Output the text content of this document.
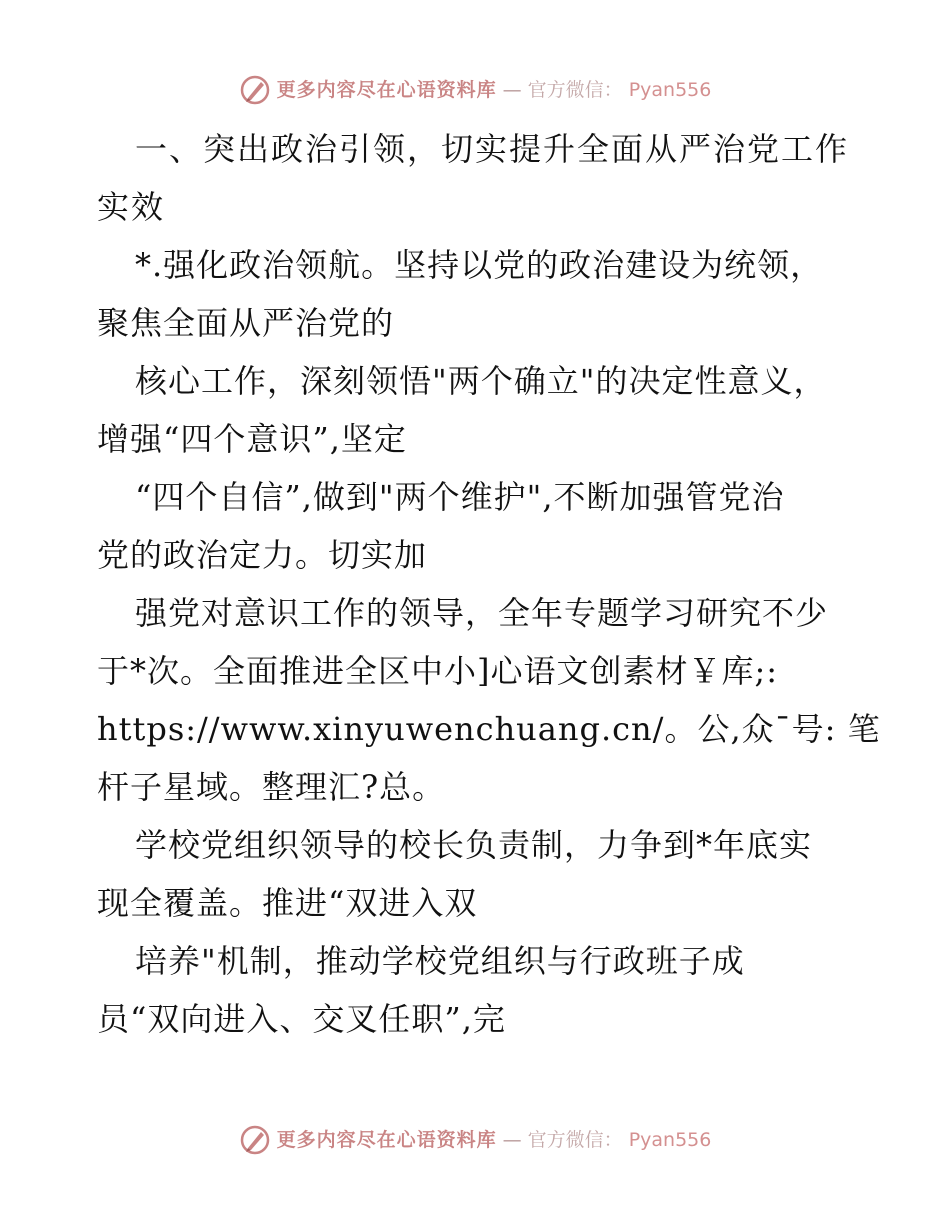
更多内容尽在心语资料库 — 官方微信： Pyan556
一、突出政治引领，切实提升全面从严治党工作
实效
*.强化政治领航。坚持以党的政治建设为统领，
聚焦全面从严治党的
核心工作，深刻领悟"两个确立"的决定性意义，
增强“四个意识”,坚定
“四个自信”,做到"两个维护",不断加强管党治
党的政治定力。切实加
强党对意识工作的领导，全年专题学习研究不少
于*次。全面推进全区中小]心语文创素材￥库;:
https://www.xinyuwenchuang.cn/。公,众¯号: 笔
杆子星域。整理汇?总。
学校党组织领导的校长负责制，力争到*年底实
现全覆盖。推进“双进入双
培养"机制，推动学校党组织与行政班子成
员“双向进入、交叉任职”,完
更多内容尽在心语资料库 — 官方微信： Pyan556
